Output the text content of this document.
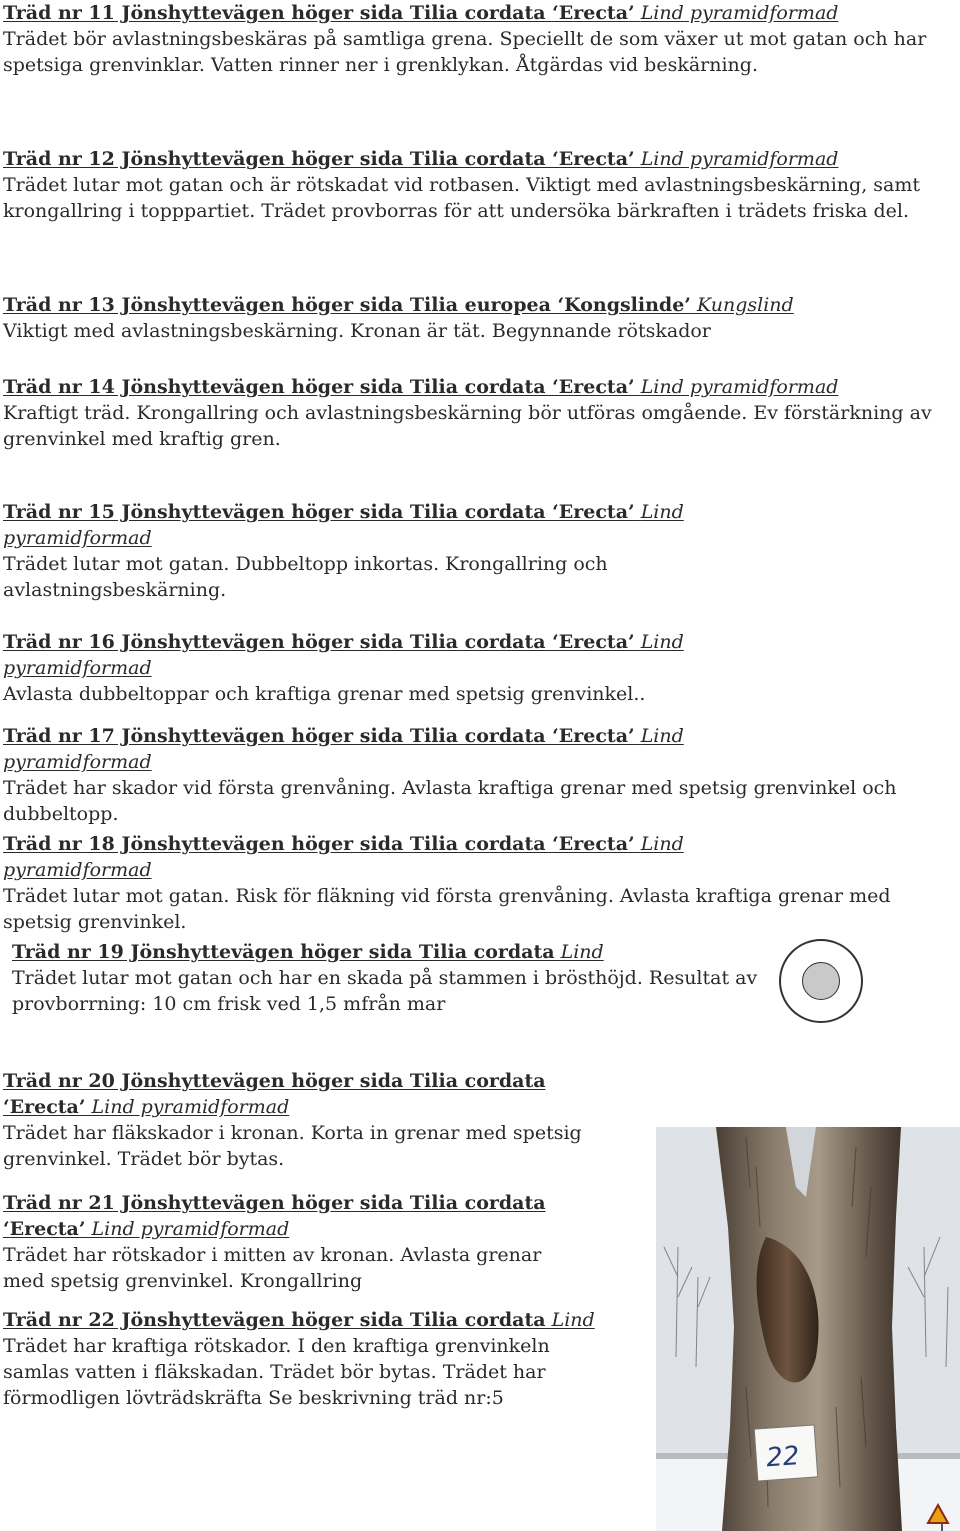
Träd nr 11 Jönshyttevägen höger sida Tilia cordata ‘Erecta’ Lind pyramidformad
Trädet bör avlastningsbeskäras på samtliga grena. Speciellt de som växer ut mot gatan och har spetsiga grenvinklar. Vatten rinner ner i grenklykan. Åtgärdas vid beskärning.
Träd nr 12 Jönshyttevägen höger sida Tilia cordata ‘Erecta’ Lind pyramidformad
Trädet lutar mot gatan och är rötskadat vid rotbasen. Viktigt med avlastningsbeskärning, samt krongallring i topppartiet. Trädet provborras för att undersöka bärkraften i trädets friska del.
Träd nr 13 Jönshyttevägen höger sida Tilia europea ‘Kongslinde’ Kungslind
Viktigt med avlastningsbeskärning. Kronan är tät. Begynnande rötskador
Träd nr 14 Jönshyttevägen höger sida Tilia cordata ‘Erecta’ Lind pyramidformad
Kraftigt träd. Krongallring och avlastningsbeskärning bör utföras omgående. Ev förstärkning av grenvinkel med kraftig gren.
Träd nr 15 Jönshyttevägen höger sida Tilia cordata ‘Erecta’ Lind pyramidformad
Trädet lutar mot gatan. Dubbeltopp inkortas. Krongallring och avlastningsbeskärning.
Träd nr 16 Jönshyttevägen höger sida Tilia cordata ‘Erecta’ Lind pyramidformad
Avlasta dubbeltoppar och kraftiga grenar med spetsig grenvinkel..
Träd nr 17 Jönshyttevägen höger sida Tilia cordata ‘Erecta’ Lind pyramidformad
Trädet har skador vid första grenvåning. Avlasta kraftiga grenar med spetsig grenvinkel och dubbeltopp.
Träd nr 18 Jönshyttevägen höger sida Tilia cordata ‘Erecta’ Lind pyramidformad
Trädet lutar mot gatan. Risk för fläkning vid första grenvåning. Avlasta kraftiga grenar med spetsig grenvinkel.
Träd nr 19 Jönshyttevägen höger sida Tilia cordata Lind
Trädet lutar mot gatan och har en skada på stammen i brösthöjd. Resultat av provborrning: 10 cm frisk ved 1,5 mfrån mar
Träd nr 20 Jönshyttevägen höger sida Tilia cordata ‘Erecta’ Lind pyramidformad
Trädet har fläkskador i kronan. Korta in grenar med spetsig grenvinkel. Trädet bör bytas.
Träd nr 21 Jönshyttevägen höger sida Tilia cordata ‘Erecta’ Lind pyramidformad
Trädet har rötskador i mitten av kronan. Avlasta grenar med spetsig grenvinkel. Krongallring
Träd nr 22 Jönshyttevägen höger sida Tilia cordata Lind
Trädet har kraftiga rötskador. I den kraftiga grenvinkeln samlas vatten i fläkskadan. Trädet bör bytas. Trädet har förmodligen lövträdskräfta Se beskrivning träd nr:5
22
